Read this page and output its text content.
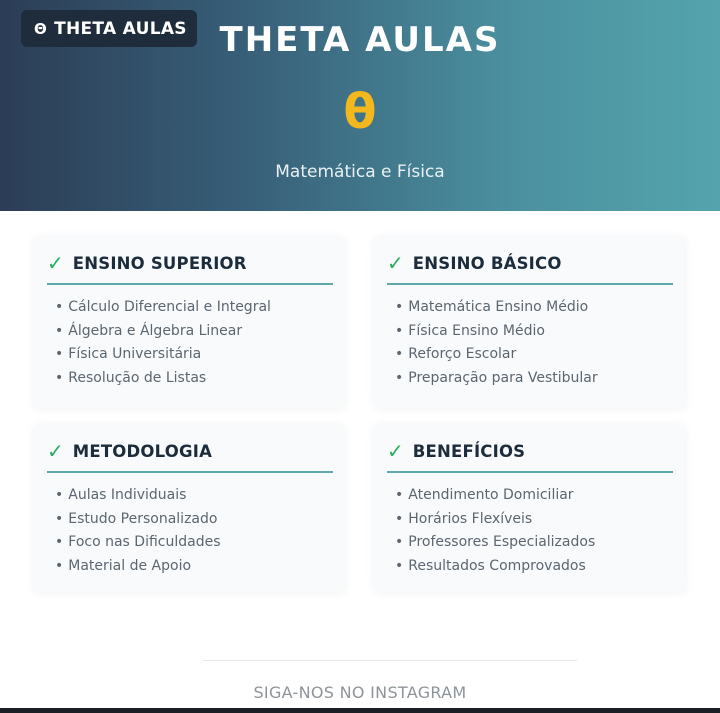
Θ THETA AULAS THETA AULAS
θ
Matemática e Física
✓ ENSINO SUPERIOR
• Cálculo Diferencial e Integral
• Álgebra e Álgebra Linear
• Física Universitária
• Resolução de Listas
✓ ENSINO BÁSICO
• Matemática Ensino Médio
• Física Ensino Médio
• Reforço Escolar
• Preparação para Vestibular
✓ METODOLOGIA
• Aulas Individuais
• Estudo Personalizado
• Foco nas Dificuldades
• Material de Apoio
✓ BENEFÍCIOS
• Atendimento Domiciliar
• Horários Flexíveis
• Professores Especializados
• Resultados Comprovados
SIGA-NOS NO INSTAGRAM
